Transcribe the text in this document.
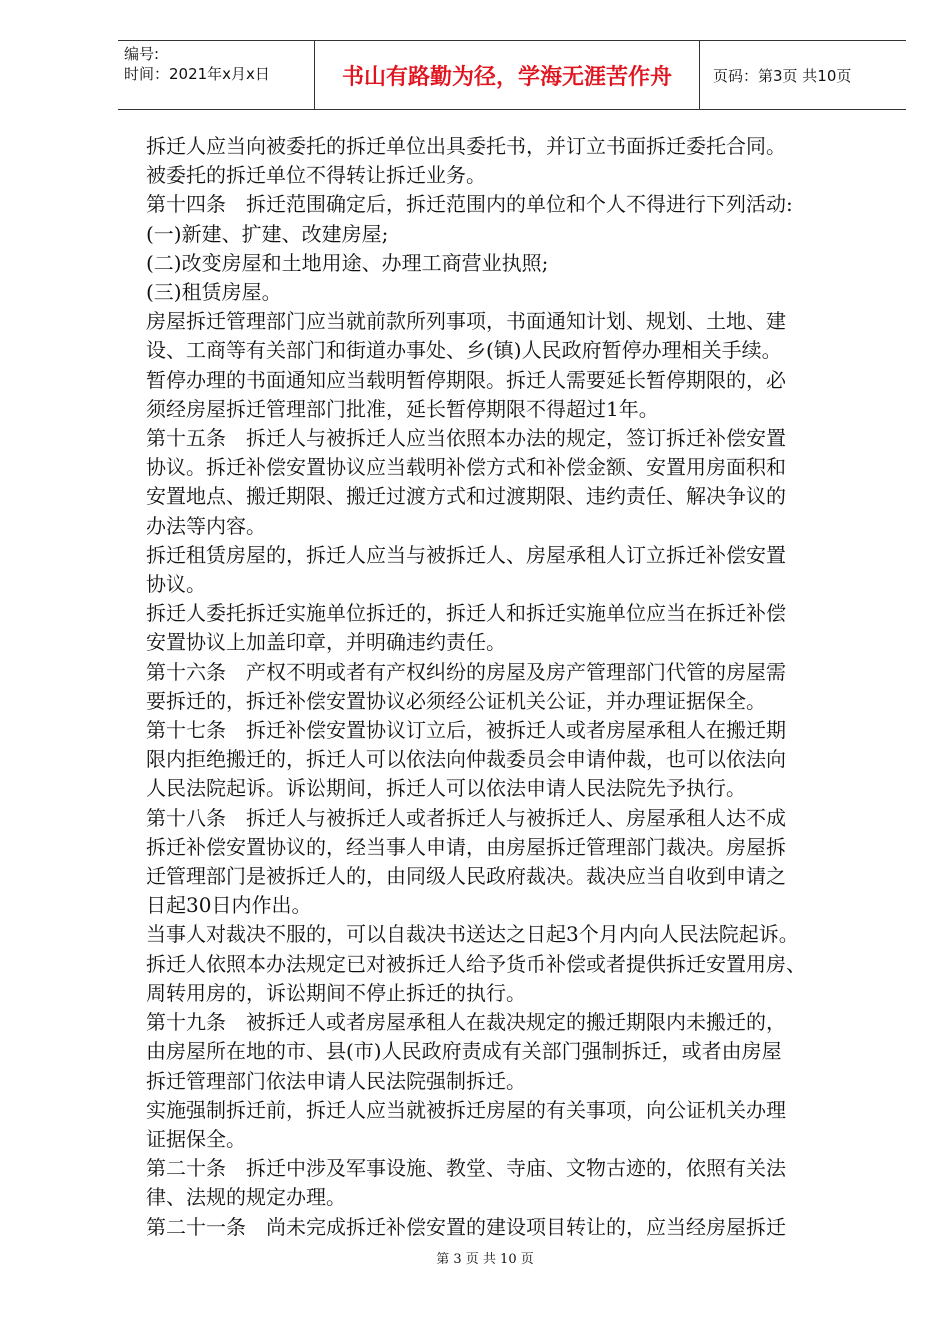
编号:
时间：2021年x月x日	书山有路勤为径，学海无涯苦作舟	页码：第3页 共10页

拆迁人应当向被委托的拆迁单位出具委托书，并订立书面拆迁委托合同。

被委托的拆迁单位不得转让拆迁业务。

第十四条　拆迁范围确定后，拆迁范围内的单位和个人不得进行下列活动:

(一)新建、扩建、改建房屋;

(二)改变房屋和土地用途、办理工商营业执照;

(三)租赁房屋。

房屋拆迁管理部门应当就前款所列事项，书面通知计划、规划、土地、建

设、工商等有关部门和街道办事处、乡(镇)人民政府暂停办理相关手续。

暂停办理的书面通知应当载明暂停期限。拆迁人需要延长暂停期限的，必

须经房屋拆迁管理部门批准，延长暂停期限不得超过1年。

第十五条　拆迁人与被拆迁人应当依照本办法的规定，签订拆迁补偿安置

协议。拆迁补偿安置协议应当载明补偿方式和补偿金额、安置用房面积和

安置地点、搬迁期限、搬迁过渡方式和过渡期限、违约责任、解决争议的

办法等内容。

拆迁租赁房屋的，拆迁人应当与被拆迁人、房屋承租人订立拆迁补偿安置

协议。

拆迁人委托拆迁实施单位拆迁的，拆迁人和拆迁实施单位应当在拆迁补偿

安置协议上加盖印章，并明确违约责任。

第十六条　产权不明或者有产权纠纷的房屋及房产管理部门代管的房屋需

要拆迁的，拆迁补偿安置协议必须经公证机关公证，并办理证据保全。

第十七条　拆迁补偿安置协议订立后，被拆迁人或者房屋承租人在搬迁期

限内拒绝搬迁的，拆迁人可以依法向仲裁委员会申请仲裁，也可以依法向

人民法院起诉。诉讼期间，拆迁人可以依法申请人民法院先予执行。

第十八条　拆迁人与被拆迁人或者拆迁人与被拆迁人、房屋承租人达不成

拆迁补偿安置协议的，经当事人申请，由房屋拆迁管理部门裁决。房屋拆

迁管理部门是被拆迁人的，由同级人民政府裁决。裁决应当自收到申请之

日起30日内作出。

当事人对裁决不服的，可以自裁决书送达之日起3个月内向人民法院起诉。

拆迁人依照本办法规定已对被拆迁人给予货币补偿或者提供拆迁安置用房、

周转用房的，诉讼期间不停止拆迁的执行。

第十九条　被拆迁人或者房屋承租人在裁决规定的搬迁期限内未搬迁的，

由房屋所在地的市、县(市)人民政府责成有关部门强制拆迁，或者由房屋

拆迁管理部门依法申请人民法院强制拆迁。

实施强制拆迁前，拆迁人应当就被拆迁房屋的有关事项，向公证机关办理

证据保全。

第二十条　拆迁中涉及军事设施、教堂、寺庙、文物古迹的，依照有关法

律、法规的规定办理。

第二十一条　尚未完成拆迁补偿安置的建设项目转让的，应当经房屋拆迁

第 3 页 共 10 页
